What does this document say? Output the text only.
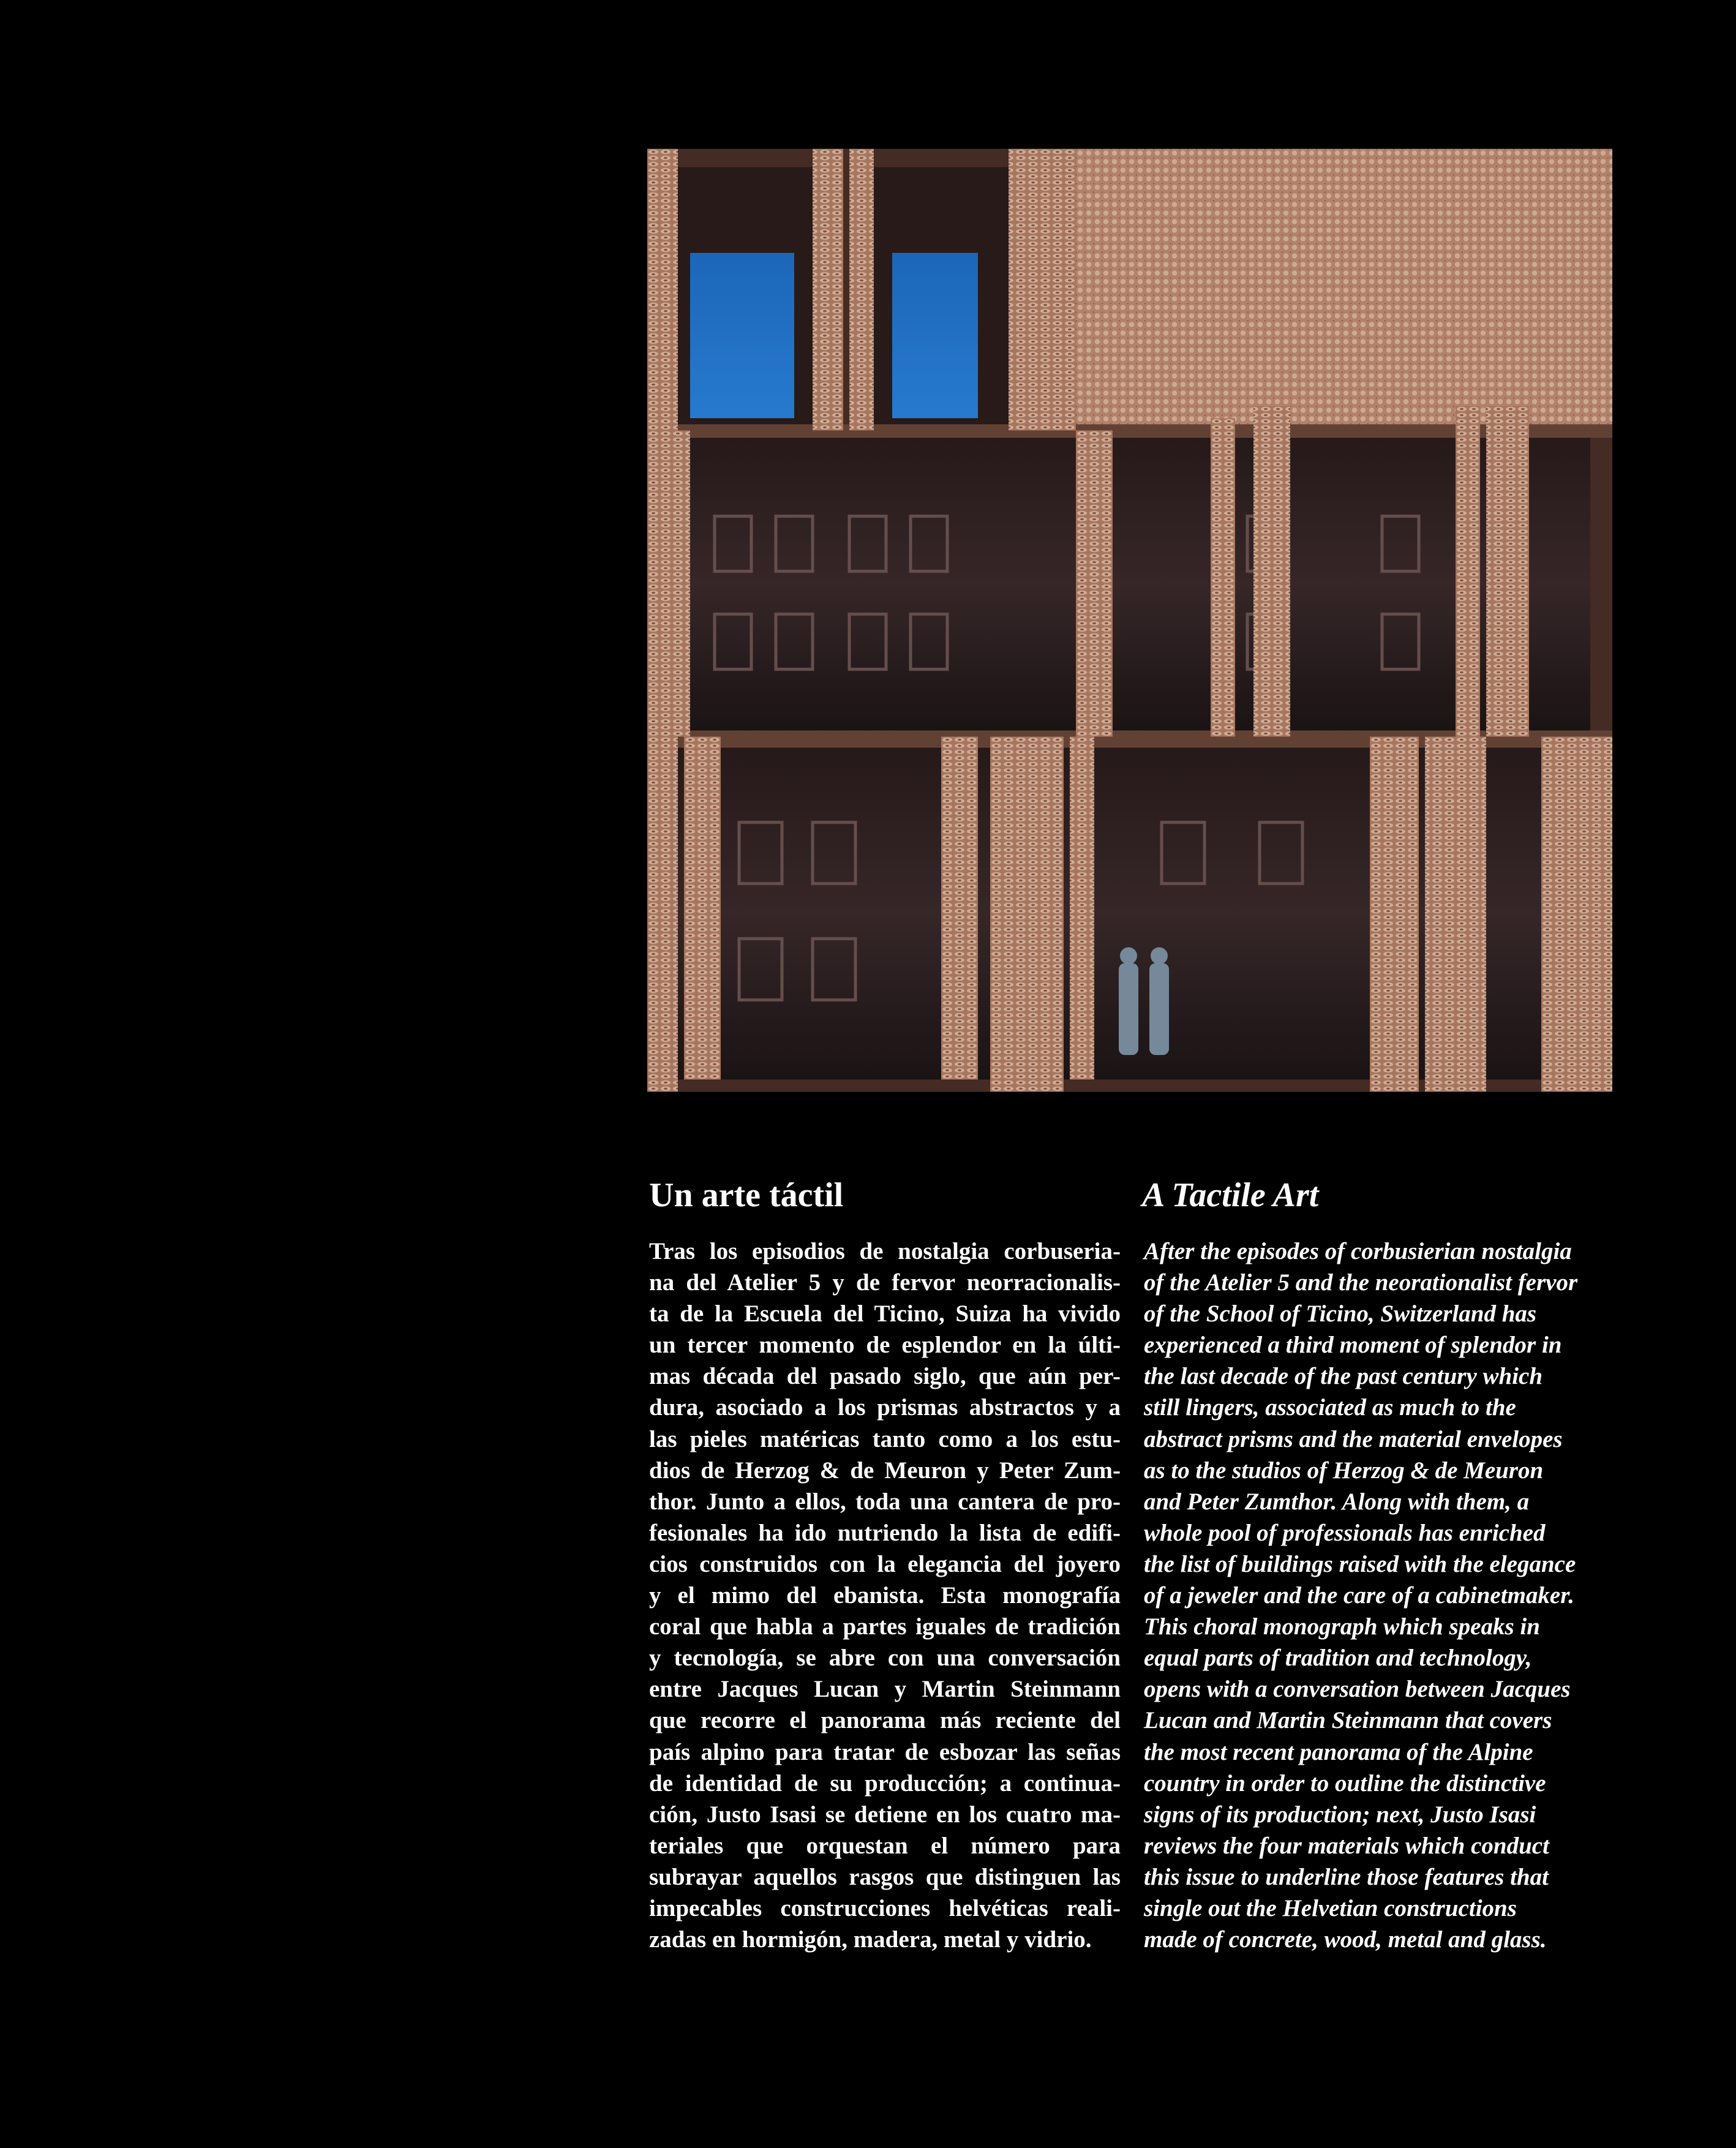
Un arte táctil

Tras los episodios de nostalgia corbuseria-
na del Atelier 5 y de fervor neorracionalis-
ta de la Escuela del Ticino, Suiza ha vivido
un tercer momento de esplendor en la últi-
mas década del pasado siglo, que aún per-
dura, asociado a los prismas abstractos y a
las pieles matéricas tanto como a los estu-
dios de Herzog & de Meuron y Peter Zum-
thor. Junto a ellos, toda una cantera de pro-
fesionales ha ido nutriendo la lista de edifi-
cios construidos con la elegancia del joyero
y el mimo del ebanista. Esta monografía
coral que habla a partes iguales de tradición
y tecnología, se abre con una conversación
entre Jacques Lucan y Martin Steinmann
que recorre el panorama más reciente del
país alpino para tratar de esbozar las señas
de identidad de su producción; a continua-
ción, Justo Isasi se detiene en los cuatro ma-
teriales que orquestan el número para
subrayar aquellos rasgos que distinguen las
impecables construcciones helvéticas reali-
zadas en hormigón, madera, metal y vidrio.

A Tactile Art

After the episodes of corbusierian nostalgia
of the Atelier 5 and the neorationalist fervor
of the School of Ticino, Switzerland has
experienced a third moment of splendor in
the last decade of the past century which
still lingers, associated as much to the
abstract prisms and the material envelopes
as to the studios of Herzog & de Meuron
and Peter Zumthor. Along with them, a
whole pool of professionals has enriched
the list of buildings raised with the elegance
of a jeweler and the care of a cabinetmaker.
This choral monograph which speaks in
equal parts of tradition and technology,
opens with a conversation between Jacques
Lucan and Martin Steinmann that covers
the most recent panorama of the Alpine
country in order to outline the distinctive
signs of its production; next, Justo Isasi
reviews the four materials which conduct
this issue to underline those features that
single out the Helvetian constructions
made of concrete, wood, metal and glass.
